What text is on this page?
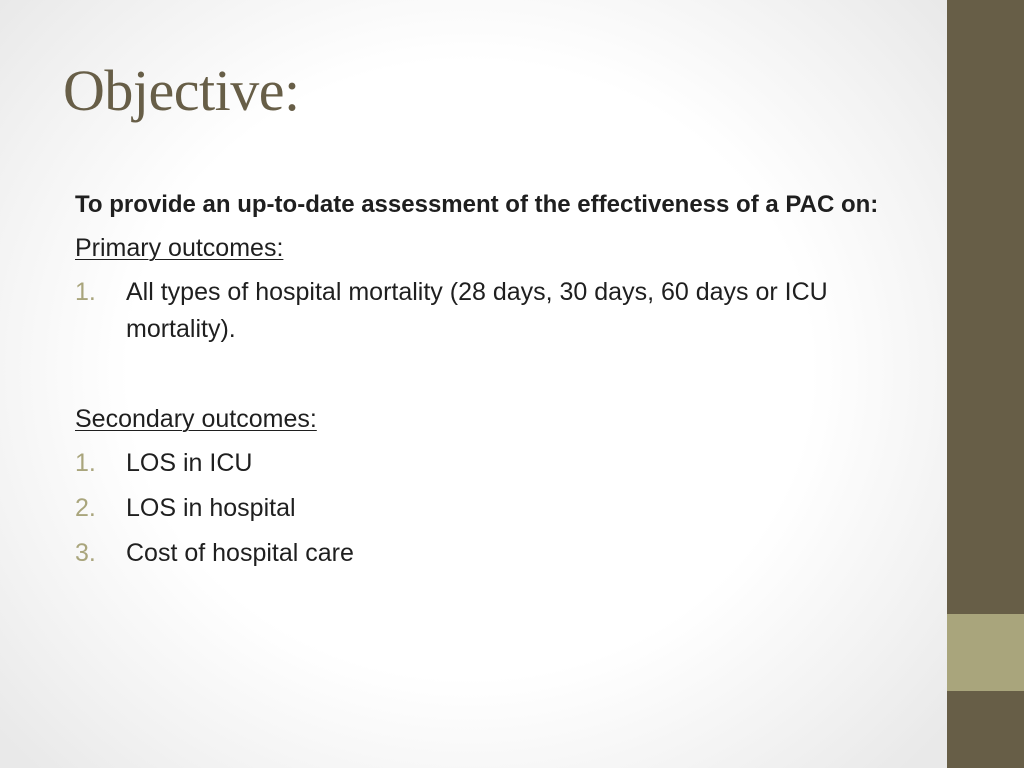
Objective:

To provide an up-to-date assessment of the effectiveness of a PAC on:

Primary outcomes:

1. All types of hospital mortality (28 days, 30 days, 60 days or ICU mortality).

Secondary outcomes:

1. LOS in ICU
2. LOS in hospital
3. Cost of hospital care
